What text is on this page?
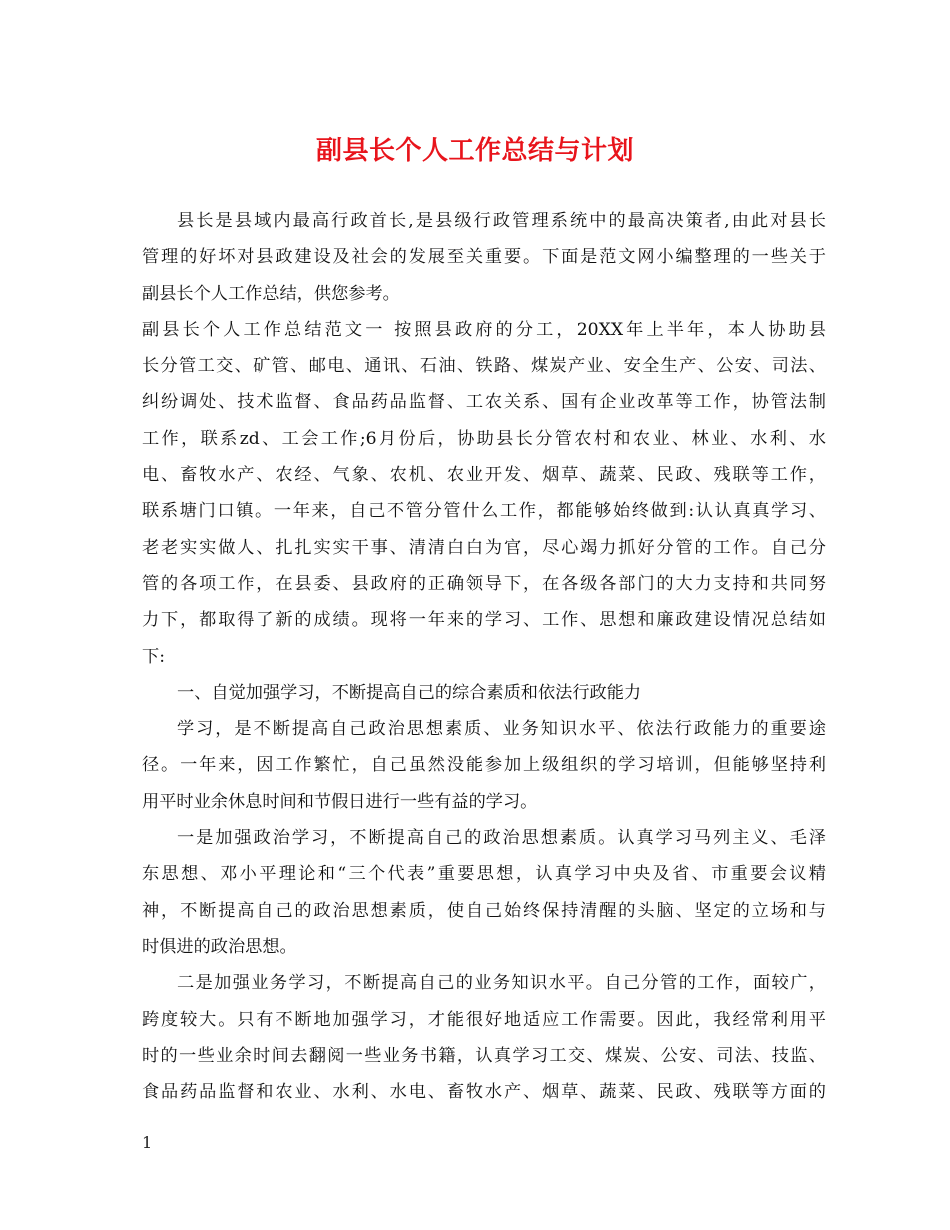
副县长个人工作总结与计划
县长是县域内最高行政首长,是县级行政管理系统中的最高决策者,由此对县长
管理的好坏对县政建设及社会的发展至关重要。下面是范文网小编整理的一些关于
副县长个人工作总结，供您参考。
副县长个人工作总结范文一 按照县政府的分工，20XX年上半年，本人协助县
长分管工交、矿管、邮电、通讯、石油、铁路、煤炭产业、安全生产、公安、司法、
纠纷调处、技术监督、食品药品监督、工农关系、国有企业改革等工作，协管法制
工作，联系zd、工会工作;6月份后，协助县长分管农村和农业、林业、水利、水
电、畜牧水产、农经、气象、农机、农业开发、烟草、蔬菜、民政、残联等工作，
联系塘门口镇。一年来，自己不管分管什么工作，都能够始终做到:认认真真学习、
老老实实做人、扎扎实实干事、清清白白为官，尽心竭力抓好分管的工作。自己分
管的各项工作，在县委、县政府的正确领导下，在各级各部门的大力支持和共同努
力下，都取得了新的成绩。现将一年来的学习、工作、思想和廉政建设情况总结如
下:
一、自觉加强学习，不断提高自己的综合素质和依法行政能力
学习，是不断提高自己政治思想素质、业务知识水平、依法行政能力的重要途
径。一年来，因工作繁忙，自己虽然没能参加上级组织的学习培训，但能够坚持利
用平时业余休息时间和节假日进行一些有益的学习。
一是加强政治学习，不断提高自己的政治思想素质。认真学习马列主义、毛泽
东思想、邓小平理论和“三个代表”重要思想，认真学习中央及省、市重要会议精
神，不断提高自己的政治思想素质，使自己始终保持清醒的头脑、坚定的立场和与
时俱进的政治思想。
二是加强业务学习，不断提高自己的业务知识水平。自己分管的工作，面较广，
跨度较大。只有不断地加强学习，才能很好地适应工作需要。因此，我经常利用平
时的一些业余时间去翻阅一些业务书籍，认真学习工交、煤炭、公安、司法、技监、
食品药品监督和农业、水利、水电、畜牧水产、烟草、蔬菜、民政、残联等方面的
1
